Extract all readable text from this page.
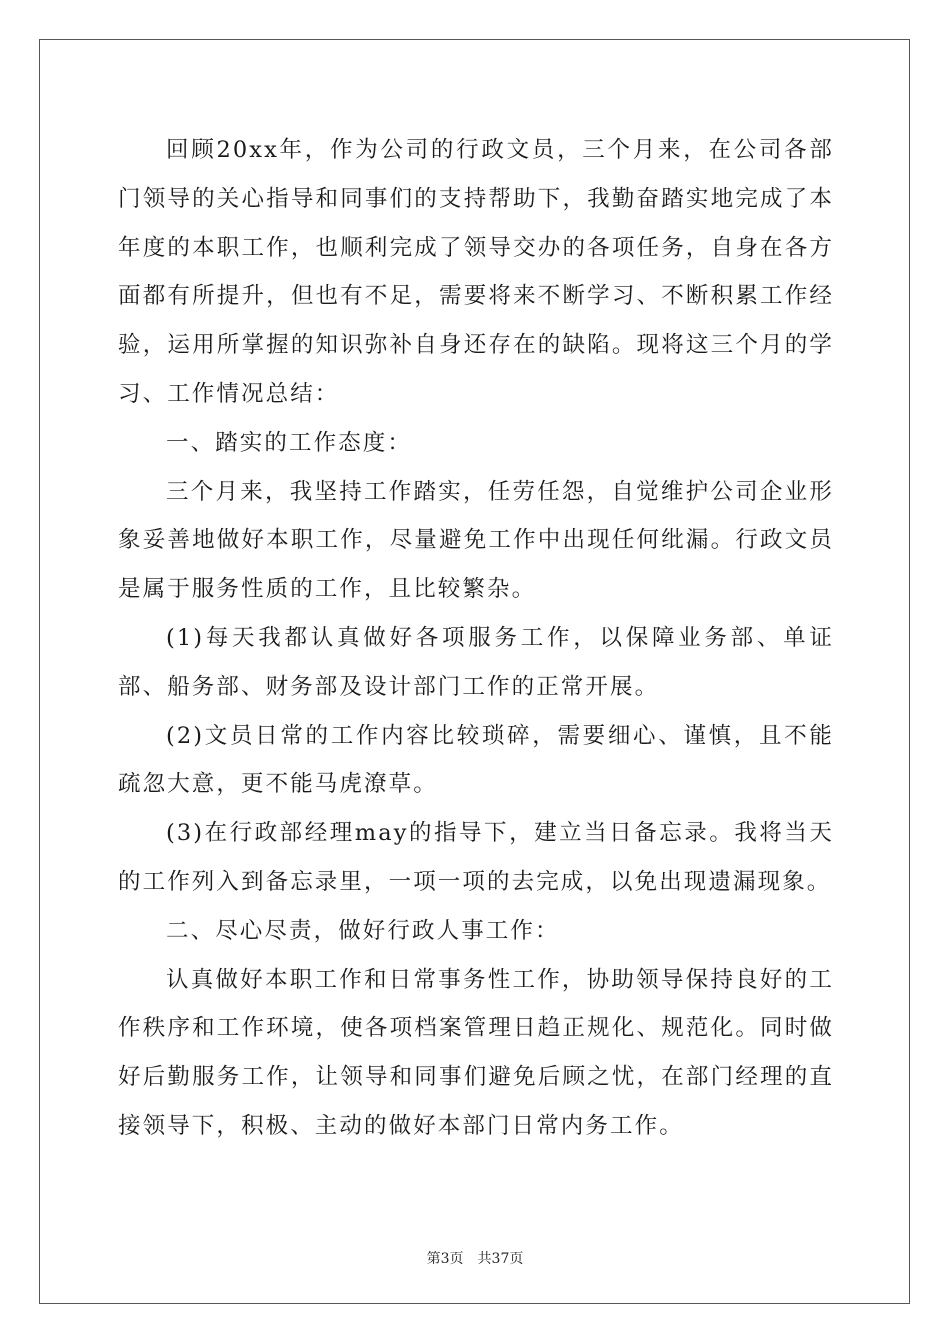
回顾20xx年，作为公司的行政文员，三个月来，在公司各部门领导的关心指导和同事们的支持帮助下，我勤奋踏实地完成了本年度的本职工作，也顺利完成了领导交办的各项任务，自身在各方面都有所提升，但也有不足，需要将来不断学习、不断积累工作经验，运用所掌握的知识弥补自身还存在的缺陷。现将这三个月的学习、工作情况总结：

一、踏实的工作态度：

三个月来，我坚持工作踏实，任劳任怨，自觉维护公司企业形象妥善地做好本职工作，尽量避免工作中出现任何纰漏。行政文员是属于服务性质的工作，且比较繁杂。

(1)每天我都认真做好各项服务工作，以保障业务部、单证部、船务部、财务部及设计部门工作的正常开展。

(2)文员日常的工作内容比较琐碎，需要细心、谨慎，且不能疏忽大意，更不能马虎潦草。

(3)在行政部经理may的指导下，建立当日备忘录。我将当天的工作列入到备忘录里，一项一项的去完成，以免出现遗漏现象。

二、尽心尽责，做好行政人事工作：

认真做好本职工作和日常事务性工作，协助领导保持良好的工作秩序和工作环境，使各项档案管理日趋正规化、规范化。同时做好后勤服务工作，让领导和同事们避免后顾之忧，在部门经理的直接领导下，积极、主动的做好本部门日常内务工作。

第3页 共37页
